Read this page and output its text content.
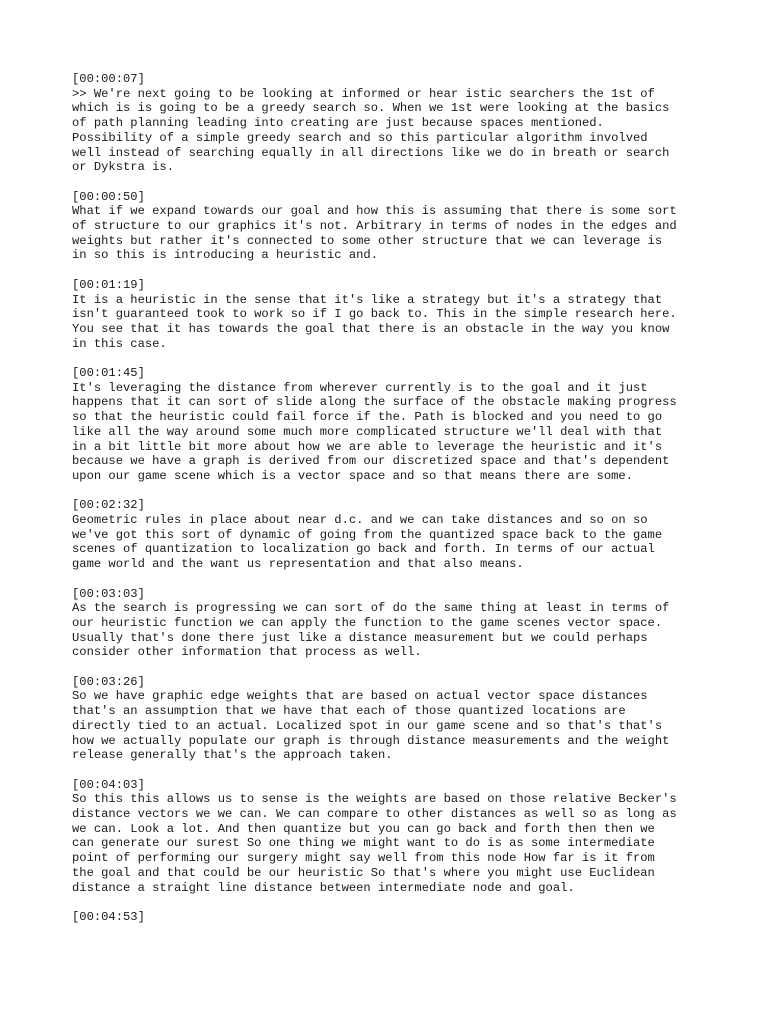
[00:00:07]
>> We're next going to be looking at informed or hear istic searchers the 1st of
which is is going to be a greedy search so. When we 1st were looking at the basics
of path planning leading into creating are just because spaces mentioned.
Possibility of a simple greedy search and so this particular algorithm involved
well instead of searching equally in all directions like we do in breath or search
or Dykstra is.
[00:00:50]
What if we expand towards our goal and how this is assuming that there is some sort
of structure to our graphics it's not. Arbitrary in terms of nodes in the edges and
weights but rather it's connected to some other structure that we can leverage is
in so this is introducing a heuristic and.
[00:01:19]
It is a heuristic in the sense that it's like a strategy but it's a strategy that
isn't guaranteed took to work so if I go back to. This in the simple research here.
You see that it has towards the goal that there is an obstacle in the way you know
in this case.
[00:01:45]
It's leveraging the distance from wherever currently is to the goal and it just
happens that it can sort of slide along the surface of the obstacle making progress
so that the heuristic could fail force if the. Path is blocked and you need to go
like all the way around some much more complicated structure we'll deal with that
in a bit little bit more about how we are able to leverage the heuristic and it's
because we have a graph is derived from our discretized space and that's dependent
upon our game scene which is a vector space and so that means there are some.
[00:02:32]
Geometric rules in place about near d.c. and we can take distances and so on so
we've got this sort of dynamic of going from the quantized space back to the game
scenes of quantization to localization go back and forth. In terms of our actual
game world and the want us representation and that also means.
[00:03:03]
As the search is progressing we can sort of do the same thing at least in terms of
our heuristic function we can apply the function to the game scenes vector space.
Usually that's done there just like a distance measurement but we could perhaps
consider other information that process as well.
[00:03:26]
So we have graphic edge weights that are based on actual vector space distances
that's an assumption that we have that each of those quantized locations are
directly tied to an actual. Localized spot in our game scene and so that's that's
how we actually populate our graph is through distance measurements and the weight
release generally that's the approach taken.
[00:04:03]
So this this allows us to sense is the weights are based on those relative Becker's
distance vectors we we can. We can compare to other distances as well so as long as
we can. Look a lot. And then quantize but you can go back and forth then then we
can generate our surest So one thing we might want to do is as some intermediate
point of performing our surgery might say well from this node How far is it from
the goal and that could be our heuristic So that's where you might use Euclidean
distance a straight line distance between intermediate node and goal.
[00:04:53]
